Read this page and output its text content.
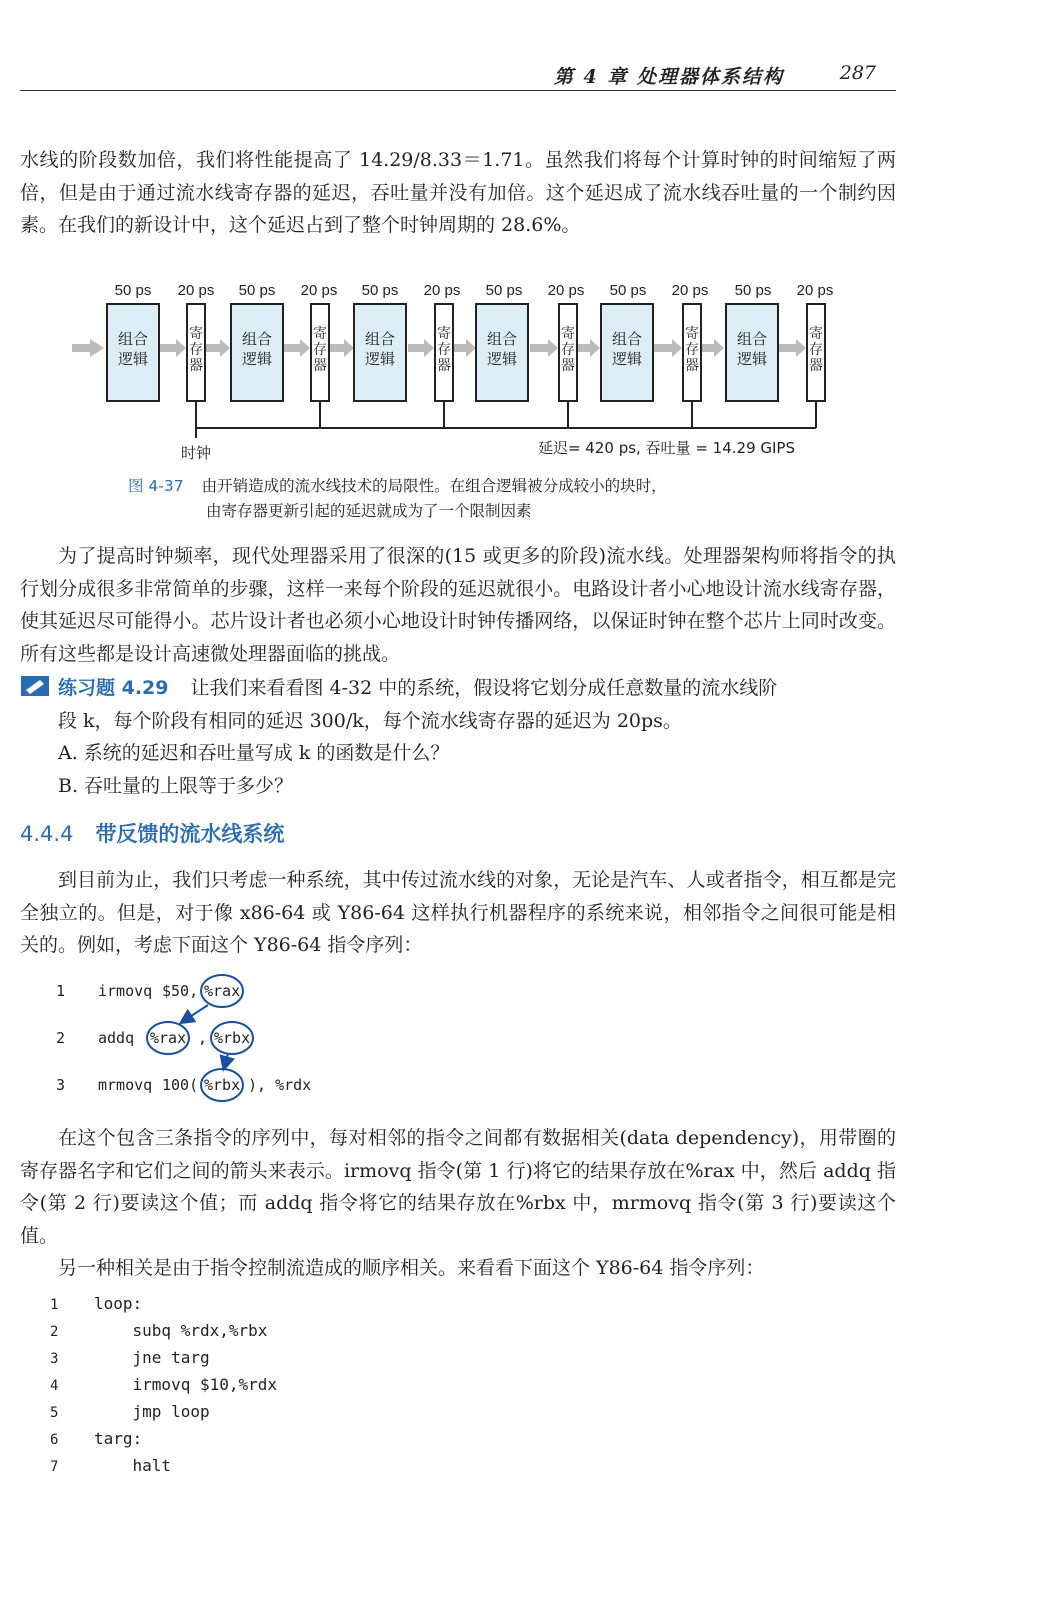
第 4 章 处理器体系结构	287

水线的阶段数加倍，我们将性能提高了 14.29/8.33＝1.71。虽然我们将每个计算时钟的时间缩短了两倍，但是由于通过流水线寄存器的延迟，吞吐量并没有加倍。这个延迟成了流水线吞吐量的一个制约因素。在我们的新设计中，这个延迟占到了整个时钟周期的 28.6%。

50 ps 20 ps 50 ps 20 ps 50 ps 20 ps 50 ps 20 ps 50 ps 20 ps 50 ps 20 ps
组合
逻辑
组合
逻辑
组合
逻辑
组合
逻辑
组合
逻辑
组合
逻辑
寄
存
器
寄
存
器
寄
存
器
寄
存
器
寄
存
器
寄
存
器
时钟	延迟= 420 ps, 吞吐量 = 14.29 GIPS
图 4-37 由开销造成的流水线技术的局限性。在组合逻辑被分成较小的块时，
由寄存器更新引起的延迟就成为了一个限制因素

为了提高时钟频率，现代处理器采用了很深的(15 或更多的阶段)流水线。处理器架构师将指令的执行划分成很多非常简单的步骤，这样一来每个阶段的延迟就很小。电路设计者小心地设计流水线寄存器，使其延迟尽可能得小。芯片设计者也必须小心地设计时钟传播网络，以保证时钟在整个芯片上同时改变。所有这些都是设计高速微处理器面临的挑战。

练习题 4.29 让我们来看看图 4-32 中的系统，假设将它划分成任意数量的流水线阶
段 k，每个阶段有相同的延迟 300/k，每个流水线寄存器的延迟为 20ps。
A. 系统的延迟和吞吐量写成 k 的函数是什么？
B. 吞吐量的上限等于多少？
4.4.4 带反馈的流水线系统

到目前为止，我们只考虑一种系统，其中传过流水线的对象，无论是汽车、人或者指令，相互都是完全独立的。但是，对于像 x86-64 或 Y86-64 这样执行机器程序的系统来说，相邻指令之间很可能是相关的。例如，考虑下面这个 Y86-64 指令序列：

1	irmovq $50, %rax
2	addq %rax , %rbx
3	mrmovq 100( %rbx ), %rdx

在这个包含三条指令的序列中，每对相邻的指令之间都有数据相关(data dependency)，用带圈的寄存器名字和它们之间的箭头来表示。irmovq 指令(第 1 行)将它的结果存放在%rax 中，然后 addq 指令(第 2 行)要读这个值；而 addq 指令将它的结果存放在%rbx 中，mrmovq 指令(第 3 行)要读这个值。

另一种相关是由于指令控制流造成的顺序相关。来看看下面这个 Y86-64 指令序列：

1 loop:
2    subq %rdx,%rbx
3    jne targ
4    irmovq $10,%rdx
5    jmp loop
6 targ:
7    halt
